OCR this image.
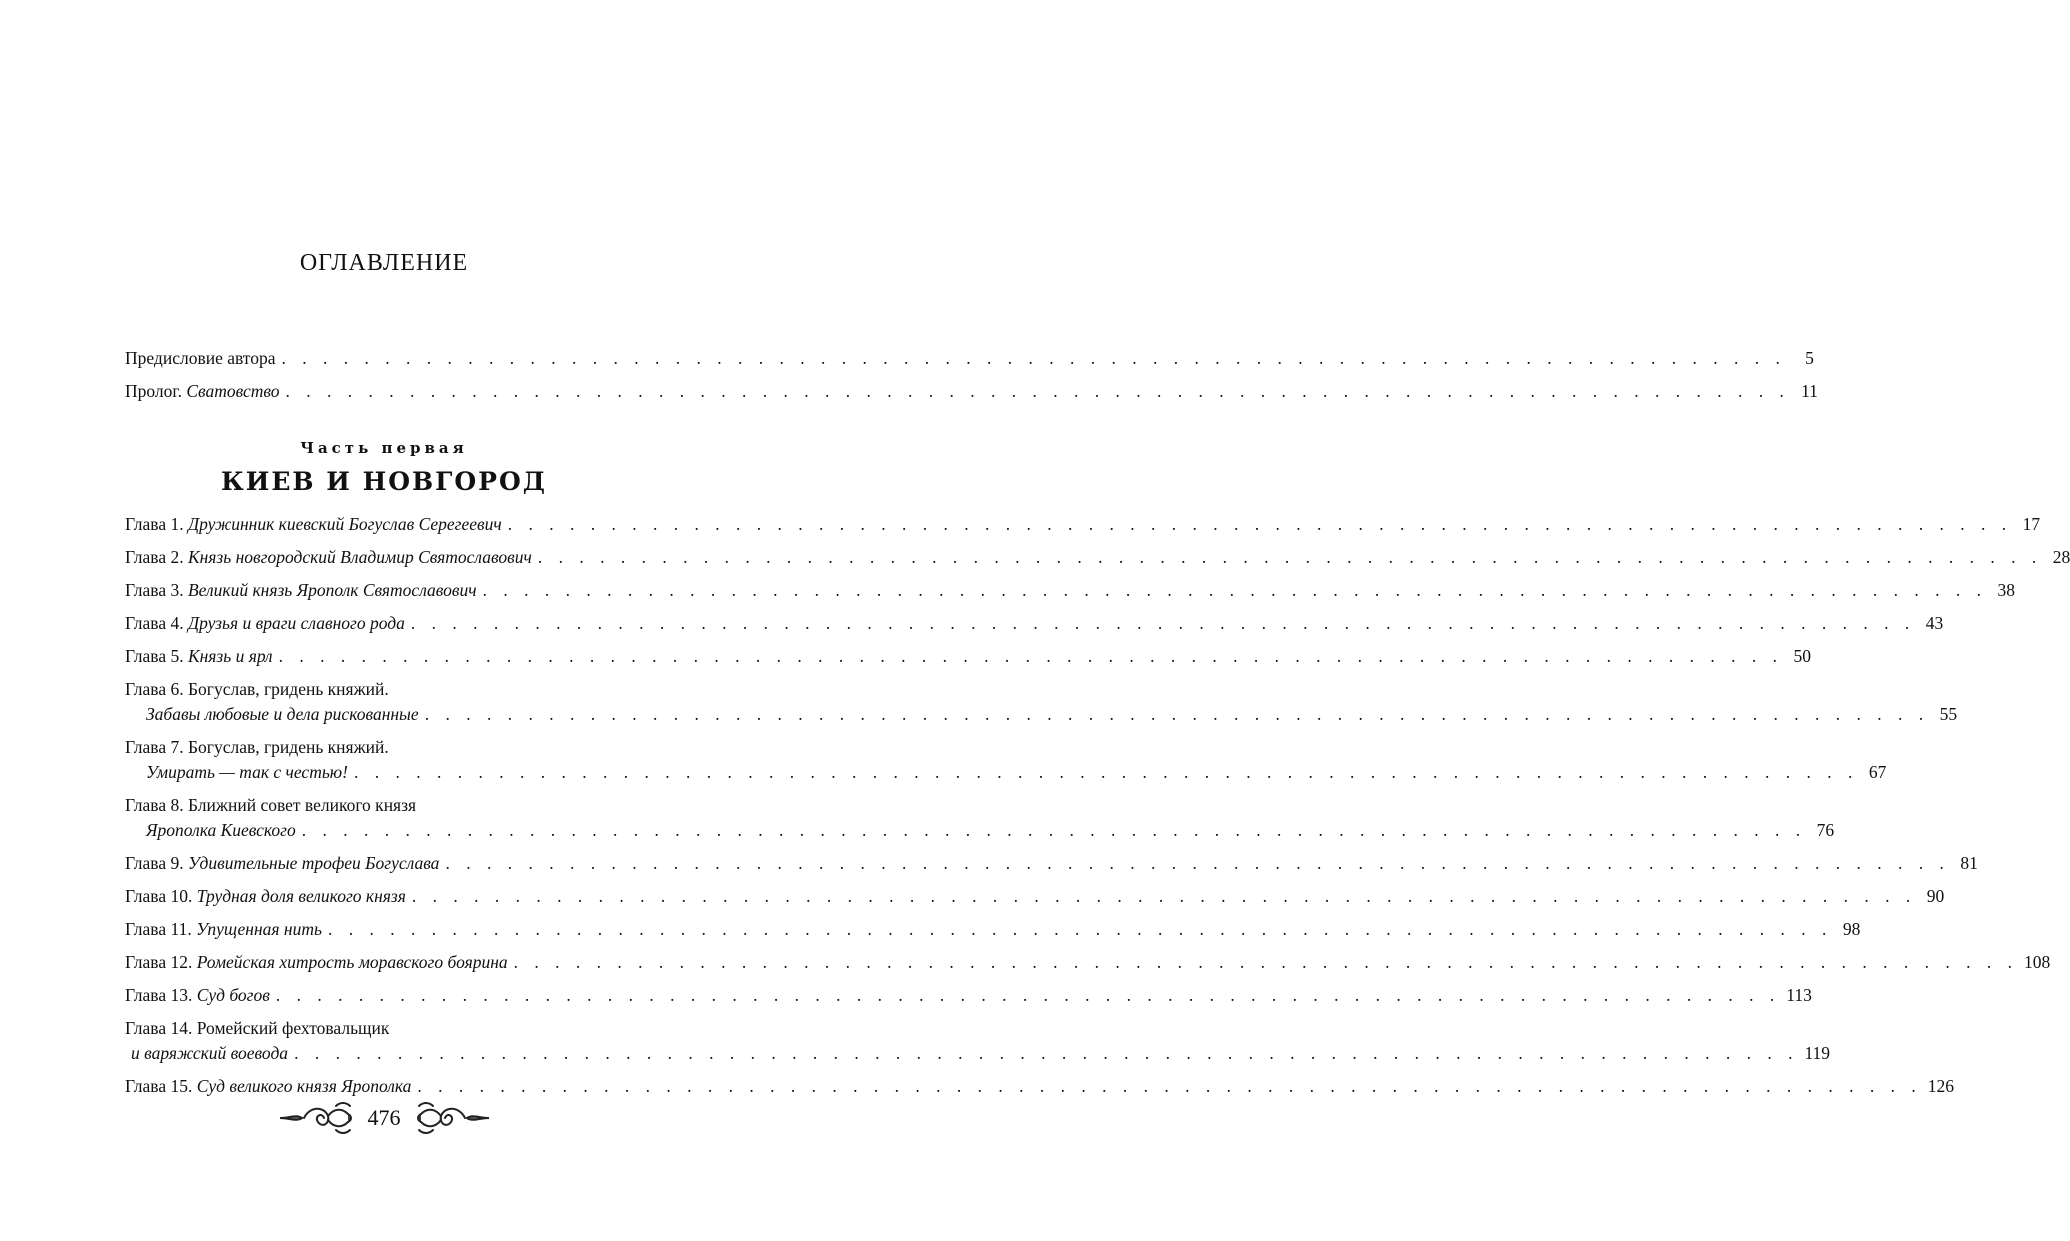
ОГЛАВЛЕНИЕ
Предисловие автора . . . . . . . . . . . . . . . . . . . . . . . . . . . . . . . . . . . . . . . . . . . . . . . . . . . . . . . . . . . . . . . . . . . . . . . . .	5
Пролог. Сватовство . . . . . . . . . . . . . . . . . . . . . . . . . . . . . . . . . . . . . . . . . . . . . . . . . . . . . . . . . . . . . . . . . . . . . . . . . 11
Часть первая
КИЕВ И НОВГОРОД
Глава 1. Дружинник киевский Богуслав Серегеевич . . . . . . . . . . . . . . . . . . . . . . . . . . . . . . . . . . . . . . . . . . . . . . . . . . . . . . . . . . . . . . . . . . . . . . . . . 17
Глава 2. Князь новгородский Владимир Святославович . . . . . . . . . . . . . . . . . . . . . . . . . . . . . . . . . . . . . . . . . . . . . . . . . . . . . . . . . . . . . . . . . . . . . . . . . 28
Глава 3. Великий князь Ярополк Святославович . . . . . . . . . . . . . . . . . . . . . . . . . . . . . . . . . . . . . . . . . . . . . . . . . . . . . . . . . . . . . . . . . . . . . . . . . 38
Глава 4. Друзья и враги славного рода . . . . . . . . . . . . . . . . . . . . . . . . . . . . . . . . . . . . . . . . . . . . . . . . . . . . . . . . . . . . . . . . . . . . . . . . . 43
Глава 5. Князь и ярл . . . . . . . . . . . . . . . . . . . . . . . . . . . . . . . . . . . . . . . . . . . . . . . . . . . . . . . . . . . . . . . . . . . . . . . . . 50
Глава 6. Богуслав, гридень княжий.
Забавы любовые и дела рискованные . . . . . . . . . . . . . . . . . . . . . . . . . . . . . . . . . . . . . . . . . . . . . . . . . . . . . . . . . . . . . . . . . . . . . . . . . 55
Глава 7. Богуслав, гридень княжий.
Умирать — так с честью! . . . . . . . . . . . . . . . . . . . . . . . . . . . . . . . . . . . . . . . . . . . . . . . . . . . . . . . . . . . . . . . . . . . . . . . . . 67
Глава 8. Ближний совет великого князя
Ярополка Киевского . . . . . . . . . . . . . . . . . . . . . . . . . . . . . . . . . . . . . . . . . . . . . . . . . . . . . . . . . . . . . . . . . . . . . . . . . 76
Глава 9. Удивительные трофеи Богуслава . . . . . . . . . . . . . . . . . . . . . . . . . . . . . . . . . . . . . . . . . . . . . . . . . . . . . . . . . . . . . . . . . . . . . . . . . 81
Глава 10. Трудная доля великого князя . . . . . . . . . . . . . . . . . . . . . . . . . . . . . . . . . . . . . . . . . . . . . . . . . . . . . . . . . . . . . . . . . . . . . . . . . 90
Глава 11. Упущенная нить . . . . . . . . . . . . . . . . . . . . . . . . . . . . . . . . . . . . . . . . . . . . . . . . . . . . . . . . . . . . . . . . . . . . . . . . . 98
Глава 12. Ромейская хитрость моравского боярина . . . . . . . . . . . . . . . . . . . . . . . . . . . . . . . . . . . . . . . . . . . . . . . . . . . . . . . . . . . . . . . . . . . . . . . . . 108
Глава 13. Суд богов . . . . . . . . . . . . . . . . . . . . . . . . . . . . . . . . . . . . . . . . . . . . . . . . . . . . . . . . . . . . . . . . . . . . . . . . . 113
Глава 14. Ромейский фехтовальщик
и варяжский воевода . . . . . . . . . . . . . . . . . . . . . . . . . . . . . . . . . . . . . . . . . . . . . . . . . . . . . . . . . . . . . . . . . . . . . . . . . 119
Глава 15. Суд великого князя Ярополка . . . . . . . . . . . . . . . . . . . . . . . . . . . . . . . . . . . . . . . . . . . . . . . . . . . . . . . . . . . . . . . . . . . . . . . . . 126
476
